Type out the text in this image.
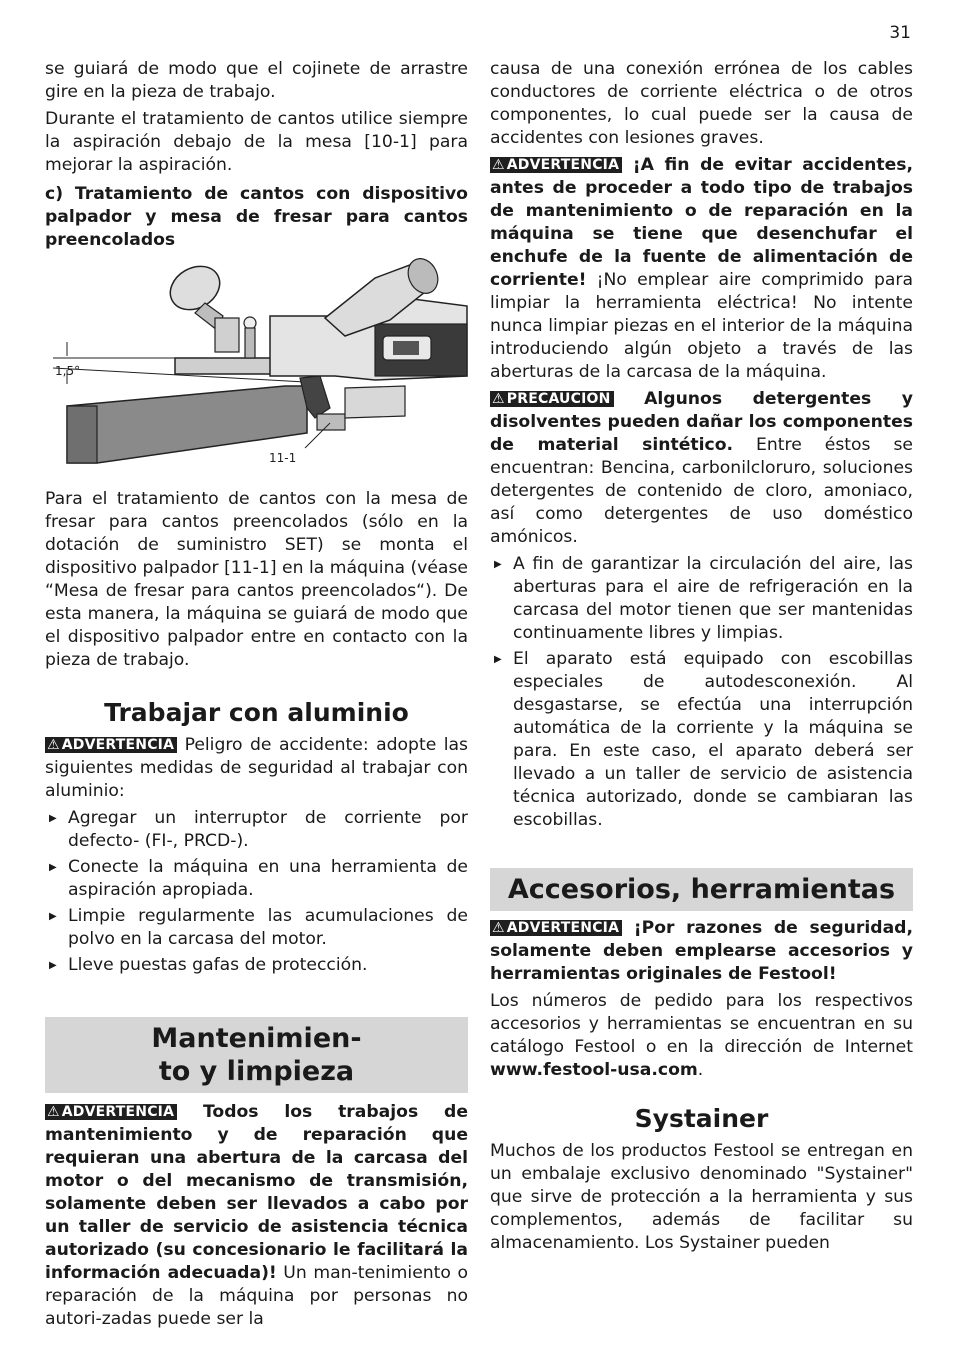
31

se guiará de modo que el cojinete de arrastre gire en la pieza de trabajo.

Durante el tratamiento de cantos utilice siempre la aspiración debajo de la mesa [10-1] para mejorar la aspiración.

c) Tratamiento de cantos con dispositivo palpador y mesa de fresar para cantos preencolados

1,5°
11-1

Para el tratamiento de cantos con la mesa de fresar para cantos preencolados (sólo en la dotación de suministro SET) se monta el dispositivo palpador [11-1] en la máquina (véase “Mesa de fresar para cantos preencolados“). De esta manera, la máquina se guiará de modo que el dispositivo palpador entre en contacto con la pieza de trabajo.

Trabajar con aluminio

⚠ ADVERTENCIA Peligro de accidente: adopte las siguientes medidas de seguridad al trabajar con aluminio:

▶ Agregar un interruptor de corriente por defecto- (FI-, PRCD-).
▶ Conecte la máquina en una herramienta de aspiración apropiada.
▶ Limpie regularmente las acumulaciones de polvo en la carcasa del motor.
▶ Lleve puestas gafas de protección.
Mantenimien-
to y limpieza

⚠ ADVERTENCIA Todos los trabajos de mantenimiento y de reparación que requieran una abertura de la carcasa del motor o del mecanismo de transmisión, solamente deben ser llevados a cabo por un taller de servicio de asistencia técnica autorizado (su concesionario le facilitará la información adecuada)! Un man-tenimiento o reparación de la máquina por personas no autori-zadas puede ser la

causa de una conexión errónea de los cables conductores de corriente eléctrica o de otros componentes, lo cual puede ser la causa de accidentes con lesiones graves.

⚠ ADVERTENCIA ¡A fin de evitar accidentes, antes de proceder a todo tipo de trabajos de mantenimiento o de reparación en la máquina se tiene que desenchufar el enchufe de la fuente de alimentación de corriente! ¡No emplear aire comprimido para limpiar la herramienta eléctrica! No intente nunca limpiar piezas en el interior de la máquina introduciendo algún objeto a través de las aberturas de la carcasa de la máquina.

⚠ PRECAUCION Algunos detergentes y disolventes pueden dañar los componentes de material sintético. Entre éstos se encuentran: Bencina, carbonilcloruro, soluciones detergentes de contenido de cloro, amoniaco, así como detergentes de uso doméstico amónicos.

▶ A fin de garantizar la circulación del aire, las aberturas para el aire de refrigeración en la carcasa del motor tienen que ser mantenidas continuamente libres y limpias.
▶ El aparato está equipado con escobillas especiales de autodesconexión. Al desgastarse, se efectúa una interrupción automática de la corriente y la máquina se para. En este caso, el aparato deberá ser llevado a un taller de servicio de asistencia técnica autorizado, donde se cambiaran las escobillas.
Accesorios, herramientas

⚠ ADVERTENCIA ¡Por razones de seguridad, solamente deben emplearse accesorios y herramientas originales de Festool!

Los números de pedido para los respectivos accesorios y herramientas se encuentran en su catálogo Festool o en la dirección de Internet www.festool-usa.com.

Systainer

Muchos de los productos Festool se entregan en un embalaje exclusivo denominado "Systainer" que sirve de protección a la herramienta y sus complementos, además de facilitar su almacenamiento. Los Systainer pueden
